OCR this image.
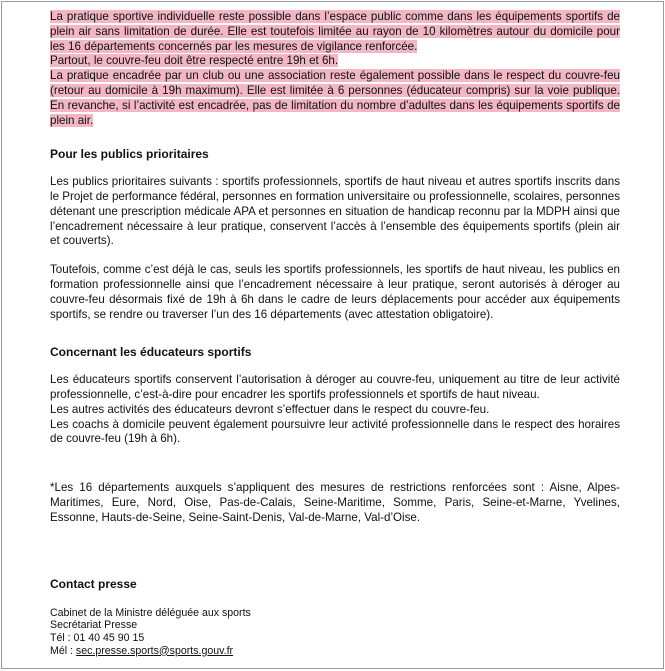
La pratique sportive individuelle reste possible dans l’espace public comme dans les équipements sportifs de plein air sans limitation de durée. Elle est toutefois limitée au rayon de 10 kilomètres autour du domicile pour les 16 départements concernés par les mesures de vigilance renforcée.

Partout, le couvre-feu doit être respecté entre 19h et 6h.

La pratique encadrée par un club ou une association reste également possible dans le respect du couvre-feu (retour au domicile à 19h maximum). Elle est limitée à 6 personnes (éducateur compris) sur la voie publique. En revanche, si l’activité est encadrée, pas de limitation du nombre d’adultes dans les équipements sportifs de plein air.

Pour les publics prioritaires

Les publics prioritaires suivants : sportifs professionnels, sportifs de haut niveau et autres sportifs inscrits dans le Projet de performance fédéral, personnes en formation universitaire ou professionnelle, scolaires, personnes détenant une prescription médicale APA et personnes en situation de handicap reconnu par la MDPH ainsi que l’encadrement nécessaire à leur pratique, conservent l’accès à l’ensemble des équipements sportifs (plein air et couverts).

Toutefois, comme c’est déjà le cas, seuls les sportifs professionnels, les sportifs de haut niveau, les publics en formation professionnelle ainsi que l’encadrement nécessaire à leur pratique, seront autorisés à déroger au couvre-feu désormais fixé de 19h à 6h dans le cadre de leurs déplacements pour accéder aux équipements sportifs, se rendre ou traverser l’un des 16 départements (avec attestation obligatoire).

Concernant les éducateurs sportifs

Les éducateurs sportifs conservent l’autorisation à déroger au couvre-feu, uniquement au titre de leur activité professionnelle, c’est-à-dire pour encadrer les sportifs professionnels et sportifs de haut niveau.

Les autres activités des éducateurs devront s’effectuer dans le respect du couvre-feu.

Les coachs à domicile peuvent également poursuivre leur activité professionnelle dans le respect des horaires de couvre-feu (19h à 6h).

*Les 16 départements auxquels s’appliquent des mesures de restrictions renforcées sont : Aisne, Alpes-Maritimes, Eure, Nord, Oise, Pas-de-Calais, Seine-Maritime, Somme, Paris, Seine-et-Marne, Yvelines, Essonne, Hauts-de-Seine, Seine-Saint-Denis, Val-de-Marne, Val-d’Oise.

Contact presse

Cabinet de la Ministre déléguée aux sports

Secrétariat Presse

Tél : 01 40 45 90 15

Mél : sec.presse.sports@sports.gouv.fr
